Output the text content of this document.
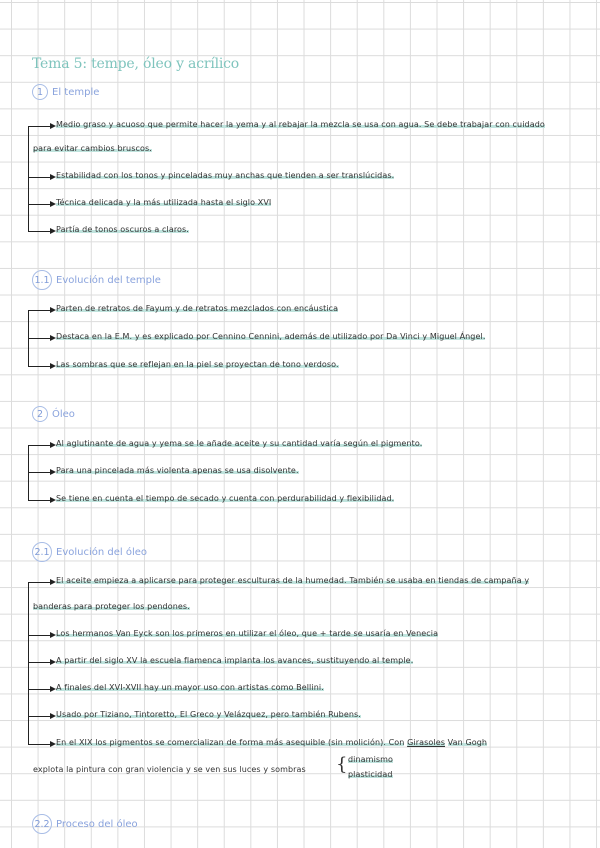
Tema 5: tempe, óleo y acrílico
1 El temple
Medio graso y acuoso que permite hacer la yema y al rebajar la mezcla se usa con agua. Se debe trabajar con cuidado
para evitar cambios bruscos.
Estabilidad con los tonos y pinceladas muy anchas que tienden a ser translúcidas.
Técnica delicada y la más utilizada hasta el siglo XVI
Partía de tonos oscuros a claros.
1.1 Evolución del temple
Parten de retratos de Fayum y de retratos mezclados con encáustica
Destaca en la E.M. y es explicado por Cennino Cennini, además de utilizado por Da Vinci y Miguel Ángel.
Las sombras que se reflejan en la piel se proyectan de tono verdoso.
2 Óleo
Al aglutinante de agua y yema se le añade aceite y su cantidad varía según el pigmento.
Para una pincelada más violenta apenas se usa disolvente.
Se tiene en cuenta el tiempo de secado y cuenta con perdurabilidad y flexibilidad.
2.1 Evolución del óleo
El aceite empieza a aplicarse para proteger esculturas de la humedad. También se usaba en tiendas de campaña y
banderas para proteger los pendones.
Los hermanos Van Eyck son los primeros en utilizar el óleo, que + tarde se usaría en Venecia
A partir del siglo XV la escuela flamenca implanta los avances, sustituyendo al temple.
A finales del XVI-XVII hay un mayor uso con artistas como Bellini.
Usado por Tiziano, Tintoretto, El Greco y Velázquez, pero también Rubens.
En el XIX los pigmentos se comercializan de forma más asequible (sin molición). Con Girasoles Van Gogh
explota la pintura con gran violencia y se ven sus luces y sombras { dinamismo
plasticidad
2.2 Proceso del óleo
